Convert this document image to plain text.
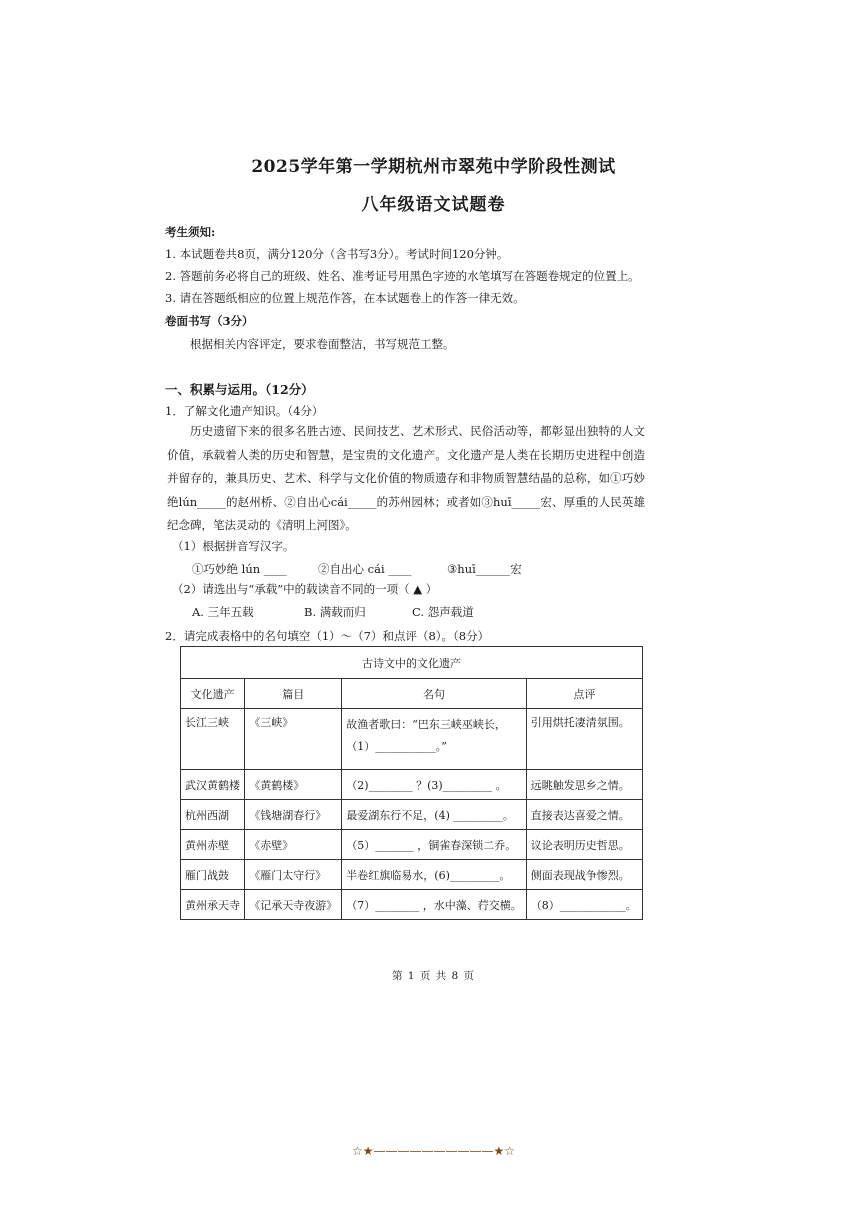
2025学年第一学期杭州市翠苑中学阶段性测试
八年级语文试题卷
考生须知:
1. 本试题卷共8页，满分120分（含书写3分）。考试时间120分钟。
2. 答题前务必将自己的班级、姓名、准考证号用黑色字迹的水笔填写在答题卷规定的位置上。
3. 请在答题纸相应的位置上规范作答，在本试题卷上的作答一律无效。
卷面书写（3分）
根据相关内容评定，要求卷面整洁，书写规范工整。
一、积累与运用。（12分）
1．了解文化遗产知识。（4分）
历史遗留下来的很多名胜古迹、民间技艺、艺术形式、民俗活动等，都彰显出独特的人文价值，承载着人类的历史和智慧，是宝贵的文化遗产。文化遗产是人类在长期历史进程中创造并留存的，兼具历史、艺术、科学与文化价值的物质遗存和非物质智慧结晶的总称，如①巧妙绝lún_____的赵州桥、②自出心cái_____的苏州园林；或者如③huī_____宏、厚重的人民英雄纪念碑，笔法灵动的《清明上河图》。
（1）根据拼音写汉字。
①巧妙绝 lún ____	②自出心 cái ____	③huī______宏
（2）请选出与“承载”中的载读音不同的一项（ ▲ ）
A. 三年五载	B. 满载而归	C. 怨声载道
2．请完成表格中的名句填空（1）～（7）和点评（8）。（8分）
古诗文中的文化遗产			
文化遗产	篇目	名句	点评
长江三峡	《三峡》	故渔者歌曰：“巴东三峡巫峡长，（1）___________。”	引用烘托凄清氛围。
武汉黄鹤楼	《黄鹤楼》	（2)________ ？(3)_________ 。	远眺触发思乡之情。
杭州西湖	《钱塘湖春行》	最爱湖东行不足，(4) _________。	直接表达喜爱之情。
黄州赤壁	《赤壁》	（5）_______ ，铜雀春深锁二乔。	议论表明历史哲思。
雁门战鼓	《雁门太守行》	半卷红旗临易水，(6)_________。	侧面表现战争惨烈。
黄州承天寺	《记承天寺夜游》	（7）________ ，水中藻、荇交横。	（8）____________。
第 1 页 共 8 页
☆★——————————★☆
